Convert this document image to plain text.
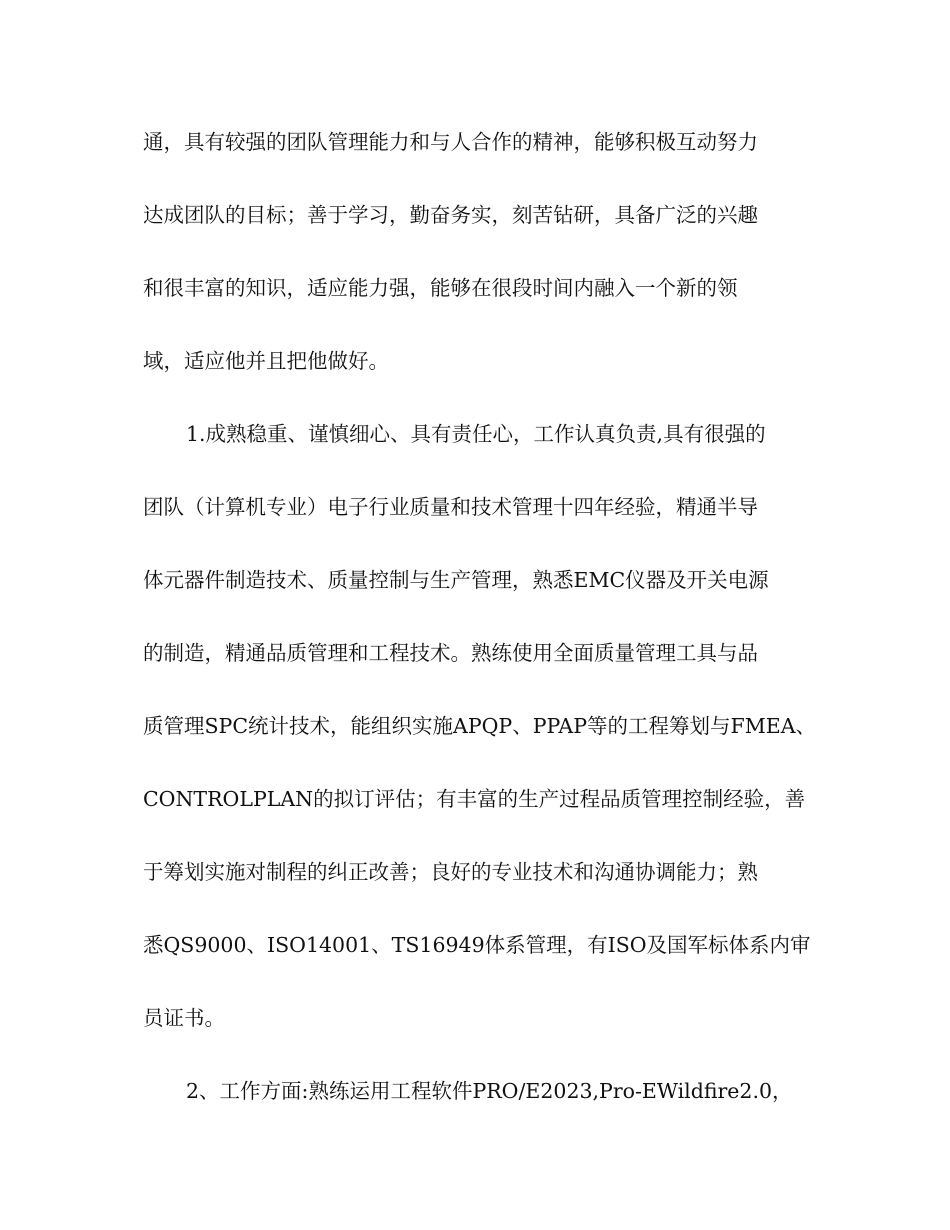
通，具有较强的团队管理能力和与人合作的精神，能够积极互动努力
达成团队的目标；善于学习，勤奋务实，刻苦钻研，具备广泛的兴趣
和很丰富的知识，适应能力强，能够在很段时间内融入一个新的领
域，适应他并且把他做好。
1.成熟稳重、谨慎细心、具有责任心，工作认真负责,具有很强的
团队（计算机专业）电子行业质量和技术管理十四年经验，精通半导
体元器件制造技术、质量控制与生产管理，熟悉EMC仪器及开关电源
的制造，精通品质管理和工程技术。熟练使用全面质量管理工具与品
质管理SPC统计技术，能组织实施APQP、PPAP等的工程筹划与FMEA、
CONTROLPLAN的拟订评估；有丰富的生产过程品质管理控制经验，善
于筹划实施对制程的纠正改善；良好的专业技术和沟通协调能力；熟
悉QS9000、ISO14001、TS16949体系管理，有ISO及国军标体系内审
员证书。
2、工作方面:熟练运用工程软件PRO/E2023,Pro-EWildfire2.0，
